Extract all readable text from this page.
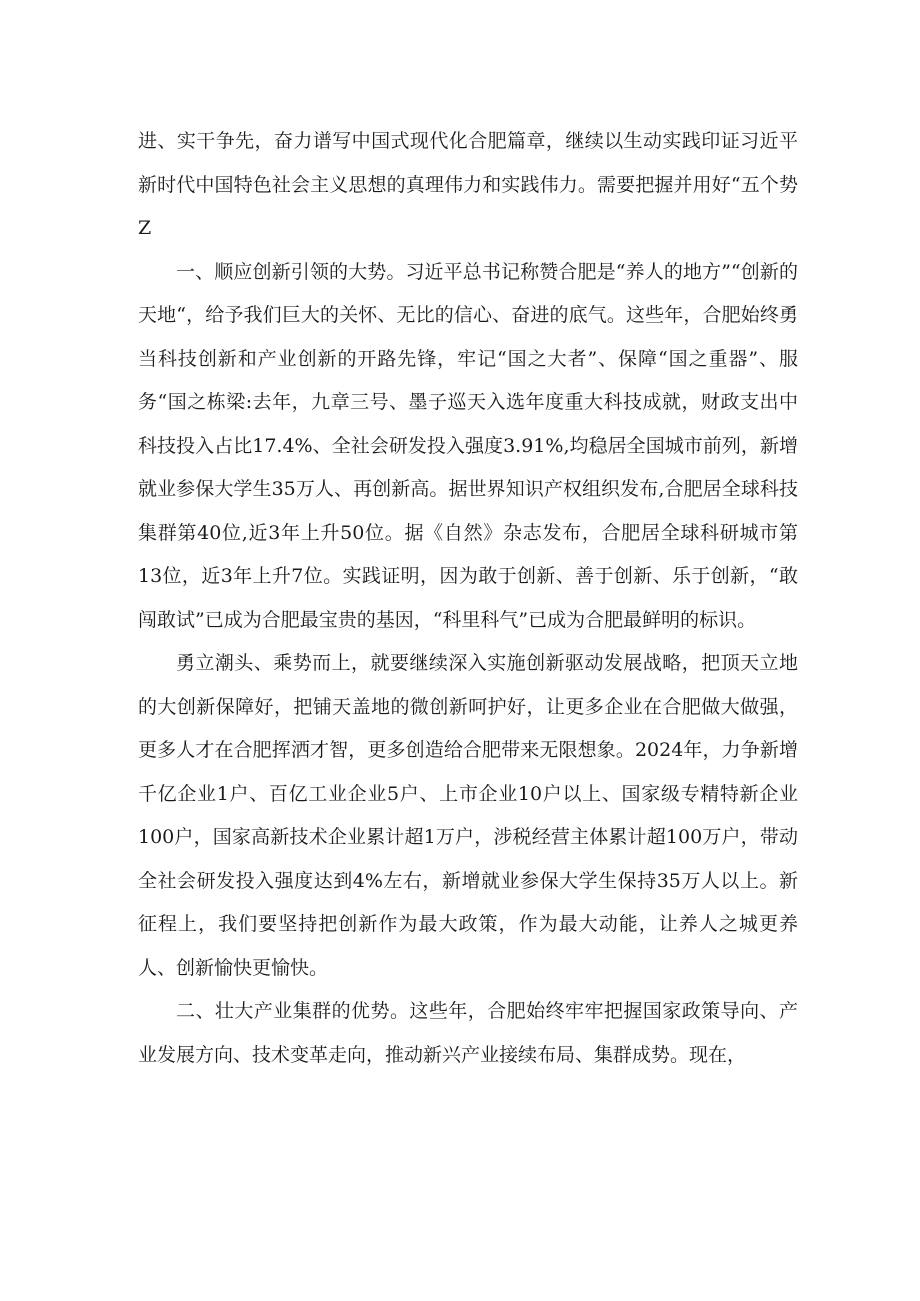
进、实干争先，奋力谱写中国式现代化合肥篇章，继续以生动实践印证习近平新时代中国特色社会主义思想的真理伟力和实践伟力。需要把握并用好“五个势Z

一、顺应创新引领的大势。习近平总书记称赞合肥是“养人的地方”“创新的天地“，给予我们巨大的关怀、无比的信心、奋进的底气。这些年，合肥始终勇当科技创新和产业创新的开路先锋，牢记“国之大者”、保障“国之重器”、服务“国之栋梁:去年，九章三号、墨子巡天入选年度重大科技成就，财政支出中科技投入占比17.4%、全社会研发投入强度3.91%,均稳居全国城市前列，新增就业参保大学生35万人、再创新高。据世界知识产权组织发布,合肥居全球科技集群第40位,近3年上升50位。据《自然》杂志发布，合肥居全球科研城市第13位，近3年上升7位。实践证明，因为敢于创新、善于创新、乐于创新，“敢闯敢试”已成为合肥最宝贵的基因，“科里科气”已成为合肥最鲜明的标识。

勇立潮头、乘势而上，就要继续深入实施创新驱动发展战略，把顶天立地的大创新保障好，把铺天盖地的微创新呵护好，让更多企业在合肥做大做强，更多人才在合肥挥洒才智，更多创造给合肥带来无限想象。2024年，力争新增千亿企业1户、百亿工业企业5户、上市企业10户以上、国家级专精特新企业100户，国家高新技术企业累计超1万户，涉税经营主体累计超100万户，带动全社会研发投入强度达到4%左右，新增就业参保大学生保持35万人以上。新征程上，我们要坚持把创新作为最大政策，作为最大动能，让养人之城更养人、创新愉快更愉快。

二、壮大产业集群的优势。这些年，合肥始终牢牢把握国家政策导向、产业发展方向、技术变革走向，推动新兴产业接续布局、集群成势。现在，
